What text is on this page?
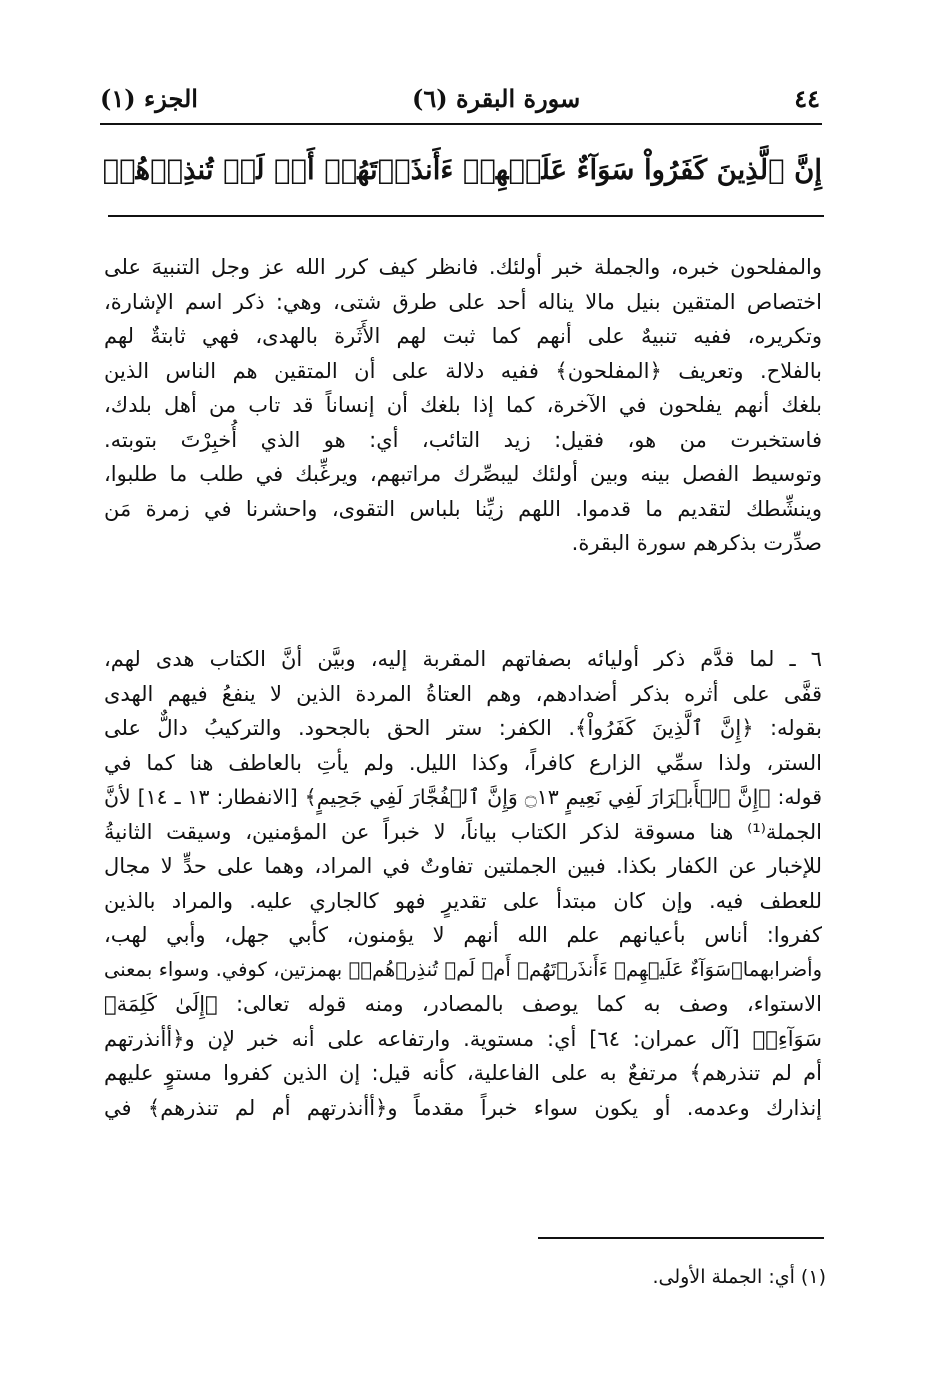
٤٤
سورة البقرة (٦)
الجزء (١)
إِنَّ ٱلَّذِينَ كَفَرُواْ سَوَآءٌ عَلَيۡهِمۡ ءَأَنذَرۡتَهُمۡ أَمۡ لَمۡ تُنذِرۡهُمۡ
والمفلحون خبره، والجملة خبر أولئك. فانظر كيف كرر الله عز وجل التنبيهَ على
اختصاص المتقين بنيل مالا يناله أحد على طرق شتى، وهي: ذكر اسم الإشارة،
وتكريره، ففيه تنبيهٌ على أنهم كما ثبت لهم الأَثَرة بالهدى، فهي ثابتةٌ لهم
بالفلاح. وتعريف ﴿المفلحون﴾ ففيه دلالة على أن المتقين هم الناس الذين
بلغك أنهم يفلحون في الآخرة، كما إذا بلغك أن إنساناً قد تاب من أهل بلدك،
فاستخبرت من هو، فقيل: زيد التائب، أي: هو الذي أُخبِرْتَ بتوبته.
وتوسيط الفصل بينه وبين أولئك ليبصِّرك مراتبهم، ويرغِّبك في طلب ما طلبوا،
وينشِّطك لتقديم ما قدموا. اللهم زيِّنا بلباس التقوى، واحشرنا في زمرة مَن
صدِّرت بذكرهم سورة البقرة.
٦ ـ لما قدَّم ذكر أوليائه بصفاتهم المقربة إليه، وبيَّن أنَّ الكتاب هدى لهم،
قفَّى على أثره بذكر أضدادهم، وهم العتاةُ المردة الذين لا ينفعُ فيهم الهدى
بقوله: ﴿إِنَّ ٱلَّذِينَ كَفَرُواْ﴾. الكفر: ستر الحق بالجحود. والتركيبُ دالٌّ على
الستر، ولذا سمِّي الزارع كافراً، وكذا الليل. ولم يأتِ بالعاطف هنا كما في
قوله: ﴿إِنَّ ٱلۡأَبۡرَارَ لَفِي نَعِيمٍ ۝١٣ وَإِنَّ ٱلۡفُجَّارَ لَفِي جَحِيمٍ﴾ [الانفطار: ١٣ ـ ١٤] لأنَّ
الجملة⁽¹⁾ هنا مسوقة لذكر الكتاب بياناً، لا خبراً عن المؤمنين، وسيقت الثانيةُ
للإخبار عن الكفار بكذا. فبين الجملتين تفاوتٌ في المراد، وهما على حدٍّ لا مجال
للعطف فيه. وإن كان مبتدأ على تقديرٍ فهو كالجاري عليه. والمراد بالذين
كفروا: أناس بأعيانهم علم الله أنهم لا يؤمنون، كأبي جهل، وأبي لهب،
وأضرابهما﴿سَوَآءٌ عَلَيۡهِمۡ ءَأَنذَرۡتَهُمۡ أَمۡ لَمۡ تُنذِرۡهُمۡ﴾ بهمزتين، كوفي. وسواء بمعنى
الاستواء، وصف به كما يوصف بالمصادر، ومنه قوله تعالى: ﴿إِلَىٰ كَلِمَةٖ
سَوَآءِۭ﴾ [آل عمران: ٦٤] أي: مستوية. وارتفاعه على أنه خبر لإن و﴿أأنذرتهم
أم لم تنذرهم﴾ مرتفعٌ به على الفاعلية، كأنه قيل: إن الذين كفروا مستوٍ عليهم
إنذارك وعدمه. أو يكون سواء خبراً مقدماً و﴿أأنذرتهم أم لم تنذرهم﴾ في
(١) أي: الجملة الأولى.
